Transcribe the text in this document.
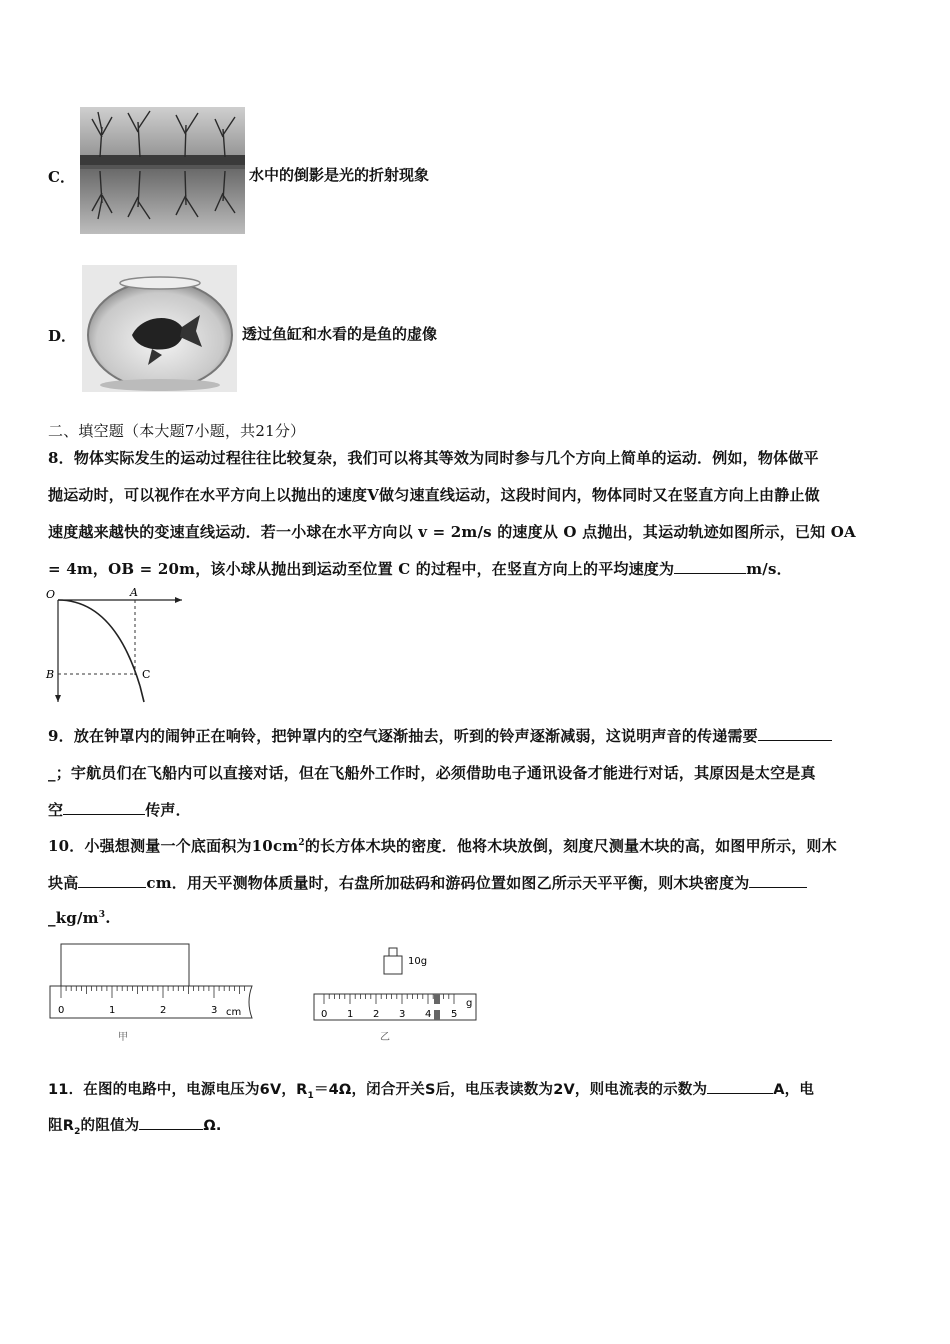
C．	水中的倒影是光的折射现象
D．	透过鱼缸和水看的是鱼的虚像
二、填空题（本大题7小题，共21分）
8．物体实际发生的运动过程往往比较复杂，我们可以将其等效为同时参与几个方向上简单的运动．例如，物体做平
抛运动时，可以视作在水平方向上以抛出的速度V做匀速直线运动，这段时间内，物体同时又在竖直方向上由静止做
速度越来越快的变速直线运动．若一小球在水平方向以 v = 2m/s 的速度从 O 点抛出，其运动轨迹如图所示，已知 OA
= 4m，OB = 20m，该小球从抛出到运动至位置 C 的过程中，在竖直方向上的平均速度为	m/s．
O	A
B	C
9．放在钟罩内的闹钟正在响铃，把钟罩内的空气逐渐抽去，听到的铃声逐渐减弱，这说明声音的传递需要
_；宇航员们在飞船内可以直接对话，但在飞船外工作时，必须借助电子通讯设备才能进行对话，其原因是太空是真
空	传声．
10．小强想测量一个底面积为$10cm^2$的长方体木块的密度．他将木块放倒，刻度尺测量木块的高，如图甲所示，则木
块高	cm．用天平测物体质量时，右盘所加砝码和游码位置如图乙所示天平平衡，则木块密度为
$\_kg/m^3$.
0	1	2	3 cm
甲
10g
0 1 2 3 4 5
g
乙
11．在图的电路中，电源电压为6V，$R_1=4\Omega$，闭合开关S后，电压表读数为2V，则电流表的示数为	A，电
阻$R_2$的阻值为	Ω.
